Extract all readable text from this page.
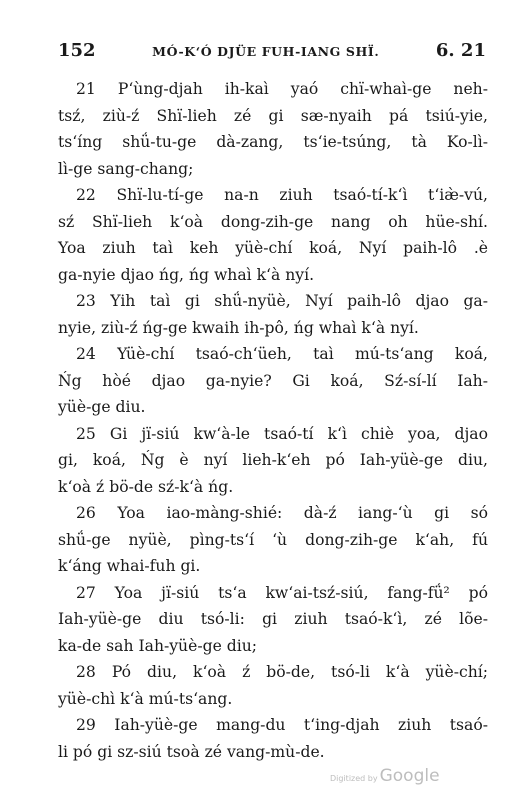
152	MÓ-K‘Ó DJÜE FUH-IANG SHÏ.	6. 21
21 P‘ùng-djah ih-kaì yaó chï-whaì-ge neh-
tsź, ziù-ź Shï-lieh zé gi sæ-nyaih pá tsiú-yie,
ts‘íng shǘ-tu-ge dà-zang, ts‘ie-tsúng, tà Ko-lì-
lì-ge sang-chang;
22 Shï-lu-tí-ge na-n ziuh tsaó-tí-k‘ì t‘iæ̀-vú,
sź Shï-lieh k‘oà dong-zih-ge nang oh hüe-shí.
Yoa ziuh taì keh yüè-chí koá, Nyí paih-lô .è
ga-nyie djao ńg, ńg whaì k‘à nyí.
23 Yih taì gi shǘ-nyüè, Nyí paih-lô djao ga-
nyie, ziù-ź ńg-ge kwaih ih-pô, ńg whaì k‘à nyí.
24 Yüè-chí tsaó-ch‘üeh, taì mú-ts‘ang koá,
Ńg hòé djao ga-nyie? Gi koá, Sź-sí-lí Iah-
yüè-ge diu.
25 Gi jï-siú kw‘à-le tsaó-tí k‘ì chiè yoa, djao
gi, koá, Ńg è nyí lieh-k‘eh pó Iah-yüè-ge diu,
k‘oà ź bö-de sź-k‘à ńg.
26 Yoa iao-màng-shié: dà-ź iang-‘ù gi só
shǘ-ge nyüè, pìng-ts‘í ‘ù dong-zih-ge k‘ah, fú
k‘áng whai-fuh gi.
27 Yoa jï-siú ts‘a kw‘ai-tsź-siú, fang-fǘ² pó
Iah-yüè-ge diu tsó-li: gi ziuh tsaó-k‘ì, zé lõe-
ka-de sah Iah-yüè-ge diu;
28 Pó diu, k‘oà ź bö-de, tsó-li k‘à yüè-chí;
yüè-chì k‘à mú-ts‘ang.
29 Iah-yüè-ge mang-du t‘ing-djah ziuh tsaó-
li pó gi sz-siú tsoà zé vang-mù-de.
Digitized by Google
